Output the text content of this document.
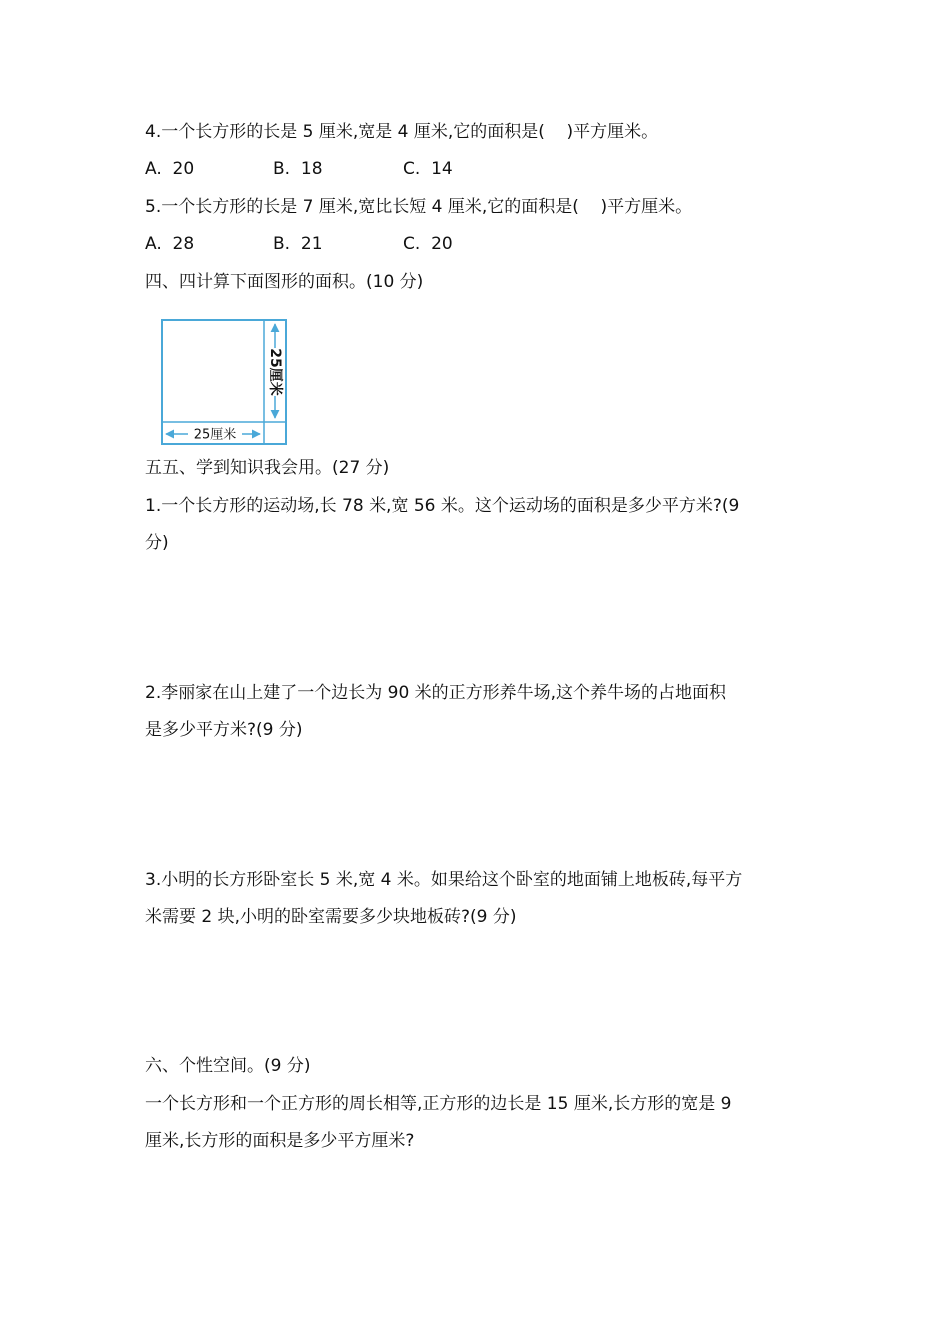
4.一个长方形的长是 5 厘米,宽是 4 厘米,它的面积是(    )平方厘米。
A.  20	B.  18	C.  14
5.一个长方形的长是 7 厘米,宽比长短 4 厘米,它的面积是(    )平方厘米。
A.  28	B.  21	C.  20
四、四计算下面图形的面积。(10 分)
25厘米
25厘米
五五、学到知识我会用。(27 分)
1.一个长方形的运动场,长 78 米,宽 56 米。这个运动场的面积是多少平方米?(9
分)
2.李丽家在山上建了一个边长为 90 米的正方形养牛场,这个养牛场的占地面积
是多少平方米?(9 分)
3.小明的长方形卧室长 5 米,宽 4 米。如果给这个卧室的地面铺上地板砖,每平方
米需要 2 块,小明的卧室需要多少块地板砖?(9 分)
六、个性空间。(9 分)
一个长方形和一个正方形的周长相等,正方形的边长是 15 厘米,长方形的宽是 9
厘米,长方形的面积是多少平方厘米?
